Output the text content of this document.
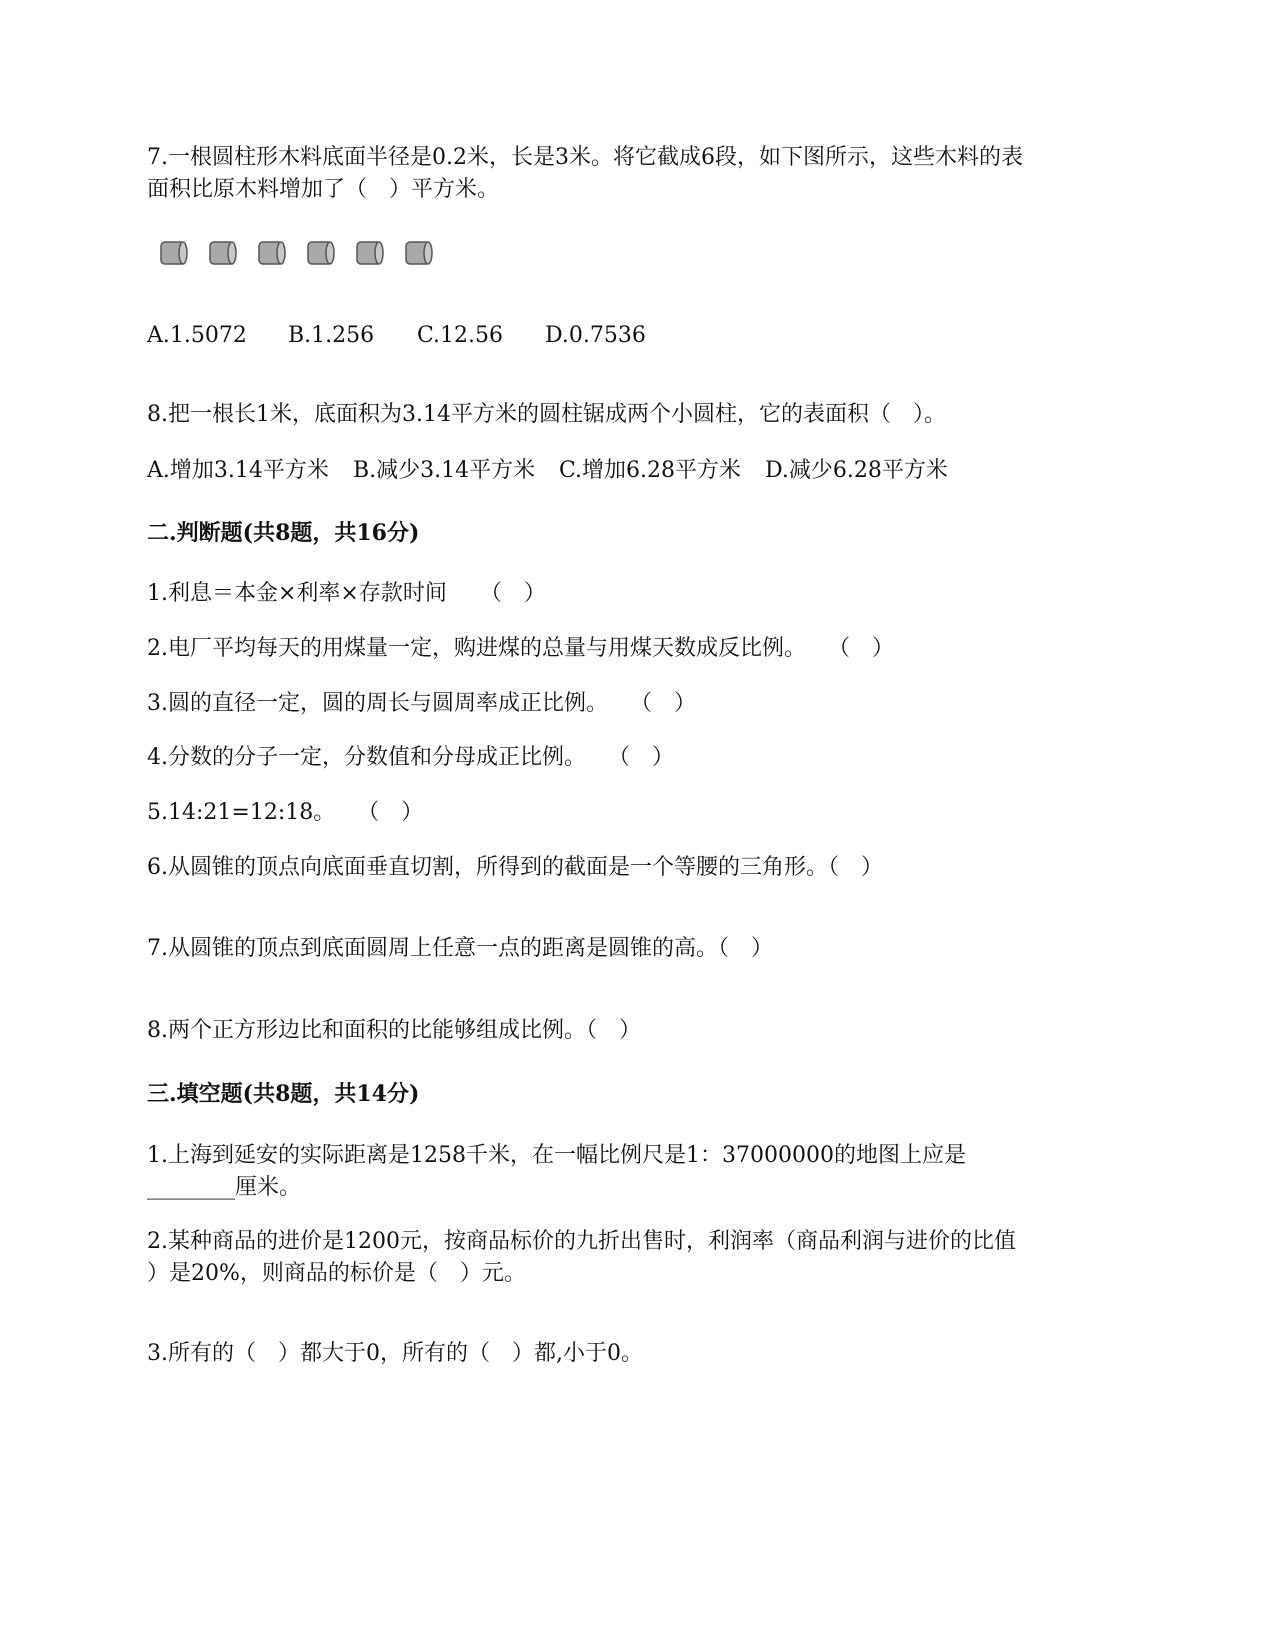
7.一根圆柱形木料底面半径是0.2米，长是3米。将它截成6段，如下图所示，这些木料的表
面积比原木料增加了（　）平方米。
A.1.5072 B.1.256 C.12.56 D.0.7536
8.把一根长1米，底面积为3.14平方米的圆柱锯成两个小圆柱，它的表面积（　）。
A.增加3.14平方米 B.减少3.14平方米 C.增加6.28平方米 D.减少6.28平方米
二.判断题(共8题，共16分)
1.利息＝本金×利率×存款时间　　（　）
2.电厂平均每天的用煤量一定，购进煤的总量与用煤天数成反比例。　　（　）
3.圆的直径一定，圆的周长与圆周率成正比例。　　（　）
4.分数的分子一定，分数值和分母成正比例。　　（　）
5.14:21=12:18。　　（　）
6.从圆锥的顶点向底面垂直切割，所得到的截面是一个等腰的三角形。（　）
7.从圆锥的顶点到底面圆周上任意一点的距离是圆锥的高。（　）
8.两个正方形边比和面积的比能够组成比例。（　）
三.填空题(共8题，共14分)
1.上海到延安的实际距离是1258千米，在一幅比例尺是1：37000000的地图上应是
________厘米。
2.某种商品的进价是1200元，按商品标价的九折出售时，利润率（商品利润与进价的比值
）是20%，则商品的标价是（　）元。
3.所有的（　）都大于0，所有的（　）都,小于0。
